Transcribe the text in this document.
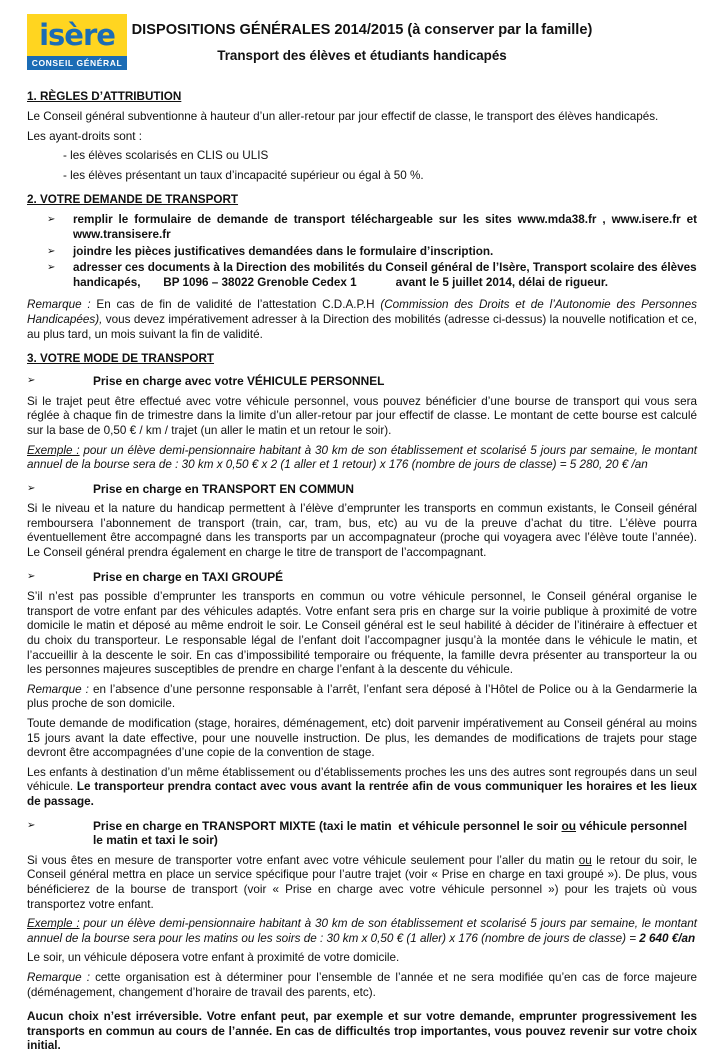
isère
CONSEIL GÉNÉRAL
DISPOSITIONS GÉNÉRALES 2014/2015 (à conserver par la famille)
Transport des élèves et étudiants handicapés
1. RÈGLES D’ATTRIBUTION

Le Conseil général subventionne à hauteur d’un aller-retour par jour effectif de classe, le transport des élèves handicapés.

Les ayant-droits sont :

- les élèves scolarisés en CLIS ou ULIS

- les élèves présentant un taux d’incapacité supérieur ou égal à 50 %.

2. VOTRE DEMANDE DE TRANSPORT
➢	remplir le formulaire de demande de transport téléchargeable sur les sites www.mda38.fr , www.isere.fr et www.transisere.fr
➢	joindre les pièces justificatives demandées dans le formulaire d’inscription.
➢	adresser ces documents à la Direction des mobilités du Conseil général de l’Isère, Transport scolaire des élèves handicapés,       BP 1096 – 38022 Grenoble Cedex 1            avant le 5 juillet 2014, délai de rigueur.

Remarque : En cas de fin de validité de l’attestation C.D.A.P.H (Commission des Droits et de l’Autonomie des Personnes Handicapées), vous devez impérativement adresser à la Direction des mobilités (adresse ci-dessus) la nouvelle notification et ce, au plus tard, un mois suivant la fin de validité.

3. VOTRE MODE DE TRANSPORT
➢	Prise en charge avec votre VÉHICULE PERSONNEL

Si le trajet peut être effectué avec votre véhicule personnel, vous pouvez bénéficier d’une bourse de transport qui vous sera réglée à chaque fin de trimestre dans la limite d’un aller-retour par jour effectif de classe. Le montant de cette bourse est calculé sur la base de 0,50 € / km / trajet (un aller le matin et un retour le soir).

Exemple : pour un élève demi-pensionnaire habitant à 30 km de son établissement et scolarisé 5 jours par semaine, le montant annuel de la bourse sera de : 30 km x 0,50 € x 2 (1 aller et 1 retour) x 176 (nombre de jours de classe) = 5 280, 20 € /an

➢	Prise en charge en TRANSPORT EN COMMUN

Si le niveau et la nature du handicap permettent à l’élève d’emprunter les transports en commun existants, le Conseil général remboursera l’abonnement de transport (train, car, tram, bus, etc) au vu de la preuve d’achat du titre. L’élève pourra éventuellement être accompagné dans les transports par un accompagnateur (proche qui voyagera avec l’élève toute l’année). Le Conseil général prendra également en charge le titre de transport de l’accompagnant.

➢	Prise en charge en TAXI GROUPÉ

S’il n’est pas possible d’emprunter les transports en commun ou votre véhicule personnel, le Conseil général organise le transport de votre enfant par des véhicules adaptés. Votre enfant sera pris en charge sur la voirie publique à proximité de votre domicile le matin et déposé au même endroit le soir. Le Conseil général est le seul habilité à décider de l’itinéraire à effectuer et du choix du transporteur. Le responsable légal de l’enfant doit l’accompagner jusqu’à la montée dans le véhicule le matin, et l’accueillir à la descente le soir. En cas d’impossibilité temporaire ou fréquente, la famille devra présenter au transporteur la ou les personnes majeures susceptibles de prendre en charge l’enfant à la descente du véhicule.

Remarque : en l’absence d’une personne responsable à l’arrêt, l’enfant sera déposé à l’Hôtel de Police ou à la Gendarmerie la plus proche de son domicile.

Toute demande de modification (stage, horaires, déménagement, etc) doit parvenir impérativement au Conseil général au moins 15 jours avant la date effective, pour une nouvelle instruction. De plus, les demandes de modifications de trajets pour stage devront être accompagnées d’une copie de la convention de stage.

Les enfants à destination d’un même établissement ou d’établissements proches les uns des autres sont regroupés dans un seul véhicule. Le transporteur prendra contact avec vous avant la rentrée afin de vous communiquer les horaires et les lieux de passage.

➢	Prise en charge en TRANSPORT MIXTE (taxi le matin  et véhicule personnel le soir ou véhicule personnel le matin et taxi le soir)

Si vous êtes en mesure de transporter votre enfant avec votre véhicule seulement pour l’aller du matin ou le retour du soir, le Conseil général mettra en place un service spécifique pour l’autre trajet (voir « Prise en charge en taxi groupé »). De plus, vous bénéficierez de la bourse de transport (voir « Prise en charge avec votre véhicule personnel ») pour les trajets où vous transportez votre enfant.

Exemple : pour un élève demi-pensionnaire habitant à 30 km de son établissement et scolarisé 5 jours par semaine, le montant annuel de la bourse sera pour les matins ou les soirs de : 30 km x 0,50 € (1 aller) x 176 (nombre de jours de classe) = 2 640 €/an

Le soir, un véhicule déposera votre enfant à proximité de votre domicile.

Remarque : cette organisation est à déterminer pour l’ensemble de l’année et ne sera modifiée qu’en cas de force majeure (déménagement, changement d’horaire de travail des parents, etc).

Aucun choix n’est irréversible. Votre enfant peut, par exemple et sur votre demande, emprunter progressivement les transports en commun au cours de l’année. En cas de difficultés trop importantes, vous pouvez revenir sur votre choix initial.
